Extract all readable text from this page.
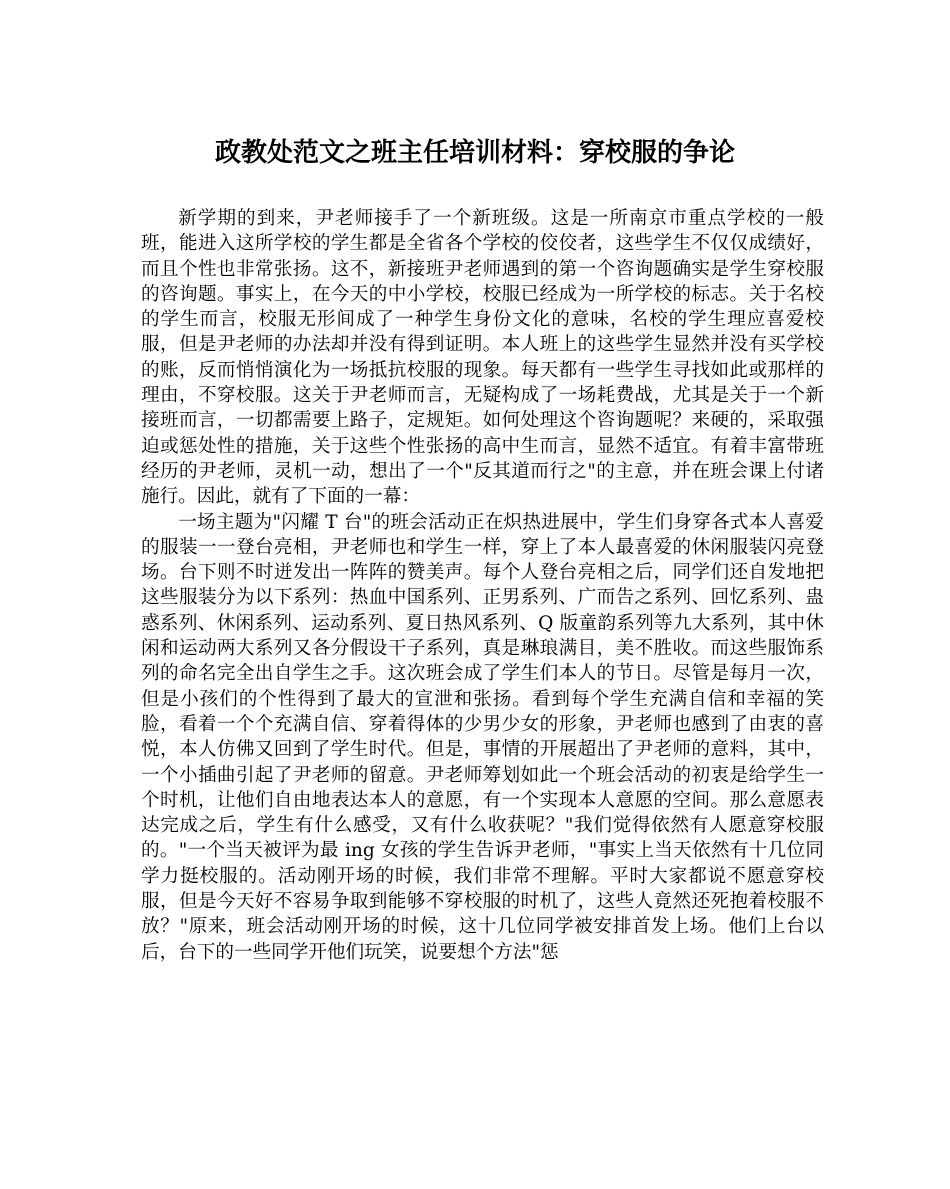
政教处范文之班主任培训材料：穿校服的争论

新学期的到来，尹老师接手了一个新班级。这是一所南京市重点学校的一般班，能进入这所学校的学生都是全省各个学校的佼佼者，这些学生不仅仅成绩好，而且个性也非常张扬。这不，新接班尹老师遇到的第一个咨询题确实是学生穿校服的咨询题。事实上，在今天的中小学校，校服已经成为一所学校的标志。关于名校的学生而言，校服无形间成了一种学生身份文化的意味，名校的学生理应喜爱校服，但是尹老师的办法却并没有得到证明。本人班上的这些学生显然并没有买学校的账，反而悄悄演化为一场抵抗校服的现象。每天都有一些学生寻找如此或那样的理由，不穿校服。这关于尹老师而言，无疑构成了一场耗费战，尤其是关于一个新接班而言，一切都需要上路子，定规矩。如何处理这个咨询题呢？来硬的，采取强迫或惩处性的措施，关于这些个性张扬的高中生而言，显然不适宜。有着丰富带班经历的尹老师，灵机一动，想出了一个"反其道而行之"的主意，并在班会课上付诸施行。因此，就有了下面的一幕：

一场主题为"闪耀 T 台"的班会活动正在炽热进展中，学生们身穿各式本人喜爱的服装一一登台亮相，尹老师也和学生一样，穿上了本人最喜爱的休闲服装闪亮登场。台下则不时迸发出一阵阵的赞美声。每个人登台亮相之后，同学们还自发地把这些服装分为以下系列：热血中国系列、正男系列、广而告之系列、回忆系列、蛊惑系列、休闲系列、运动系列、夏日热风系列、Q 版童韵系列等九大系列，其中休闲和运动两大系列又各分假设干子系列，真是琳琅满目，美不胜收。而这些服饰系列的命名完全出自学生之手。这次班会成了学生们本人的节日。尽管是每月一次，但是小孩们的个性得到了最大的宣泄和张扬。看到每个学生充满自信和幸福的笑脸，看着一个个充满自信、穿着得体的少男少女的形象，尹老师也感到了由衷的喜悦，本人仿佛又回到了学生时代。但是，事情的开展超出了尹老师的意料，其中，一个小插曲引起了尹老师的留意。尹老师筹划如此一个班会活动的初衷是给学生一个时机，让他们自由地表达本人的意愿，有一个实现本人意愿的空间。那么意愿表达完成之后，学生有什么感受，又有什么收获呢？"我们觉得依然有人愿意穿校服的。"一个当天被评为最 ing 女孩的学生告诉尹老师，"事实上当天依然有十几位同学力挺校服的。活动刚开场的时候，我们非常不理解。平时大家都说不愿意穿校服，但是今天好不容易争取到能够不穿校服的时机了，这些人竟然还死抱着校服不放？"原来，班会活动刚开场的时候，这十几位同学被安排首发上场。他们上台以后，台下的一些同学开他们玩笑，说要想个方法"惩
